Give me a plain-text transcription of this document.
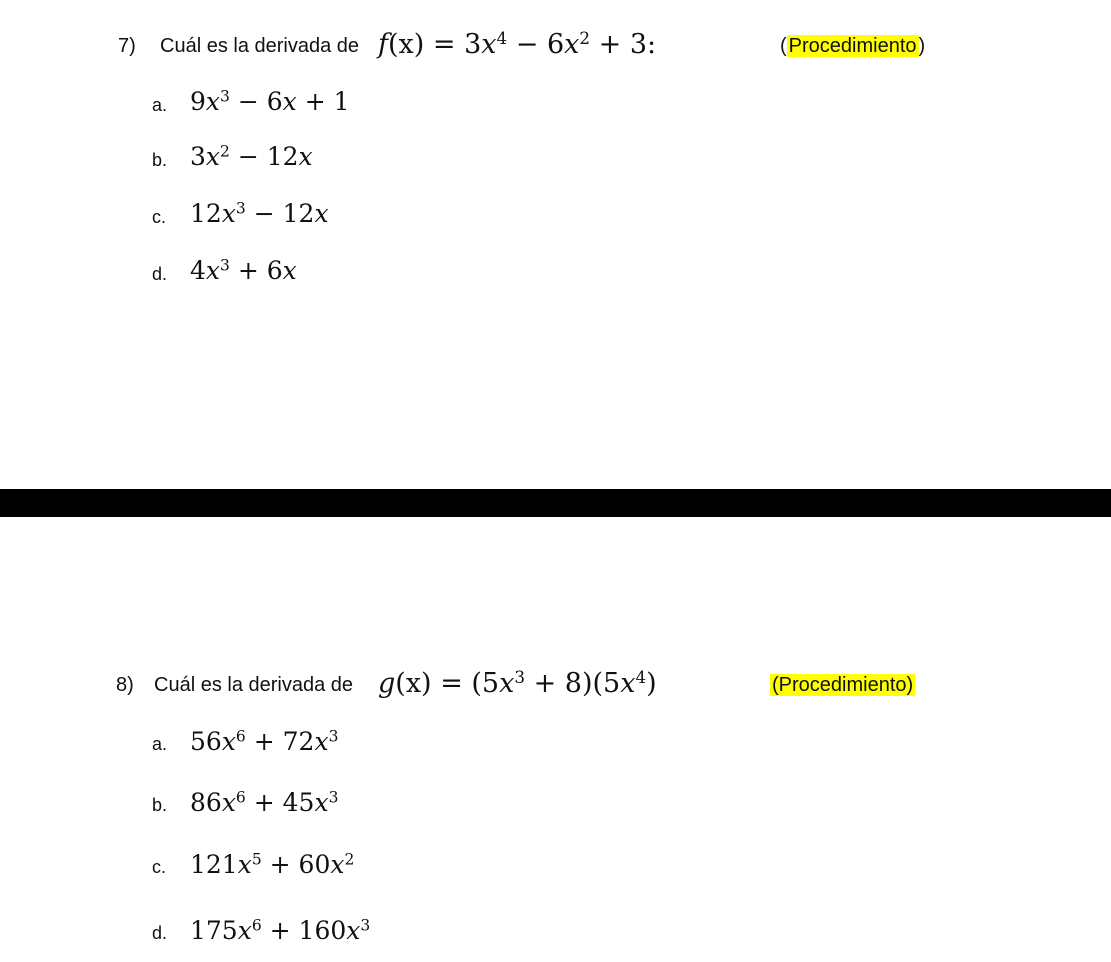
7) Cuál es la derivada de $f(x) = 3x^4 - 6x^2 + 3$:	( Procedimiento )
a. $9x^3 - 6x + 1$
b. $3x^2 - 12x$
c. $12x^3 - 12x$
d. $4x^3 + 6x$
8) Cuál es la derivada de $g(x) = (5x^3 + 8)(5x^4)$	(Procedimiento)
a. $56x^6 + 72x^3$
b. $86x^6 + 45x^3$
c. $121x^5 + 60x^2$
d. $175x^6 + 160x^3$
